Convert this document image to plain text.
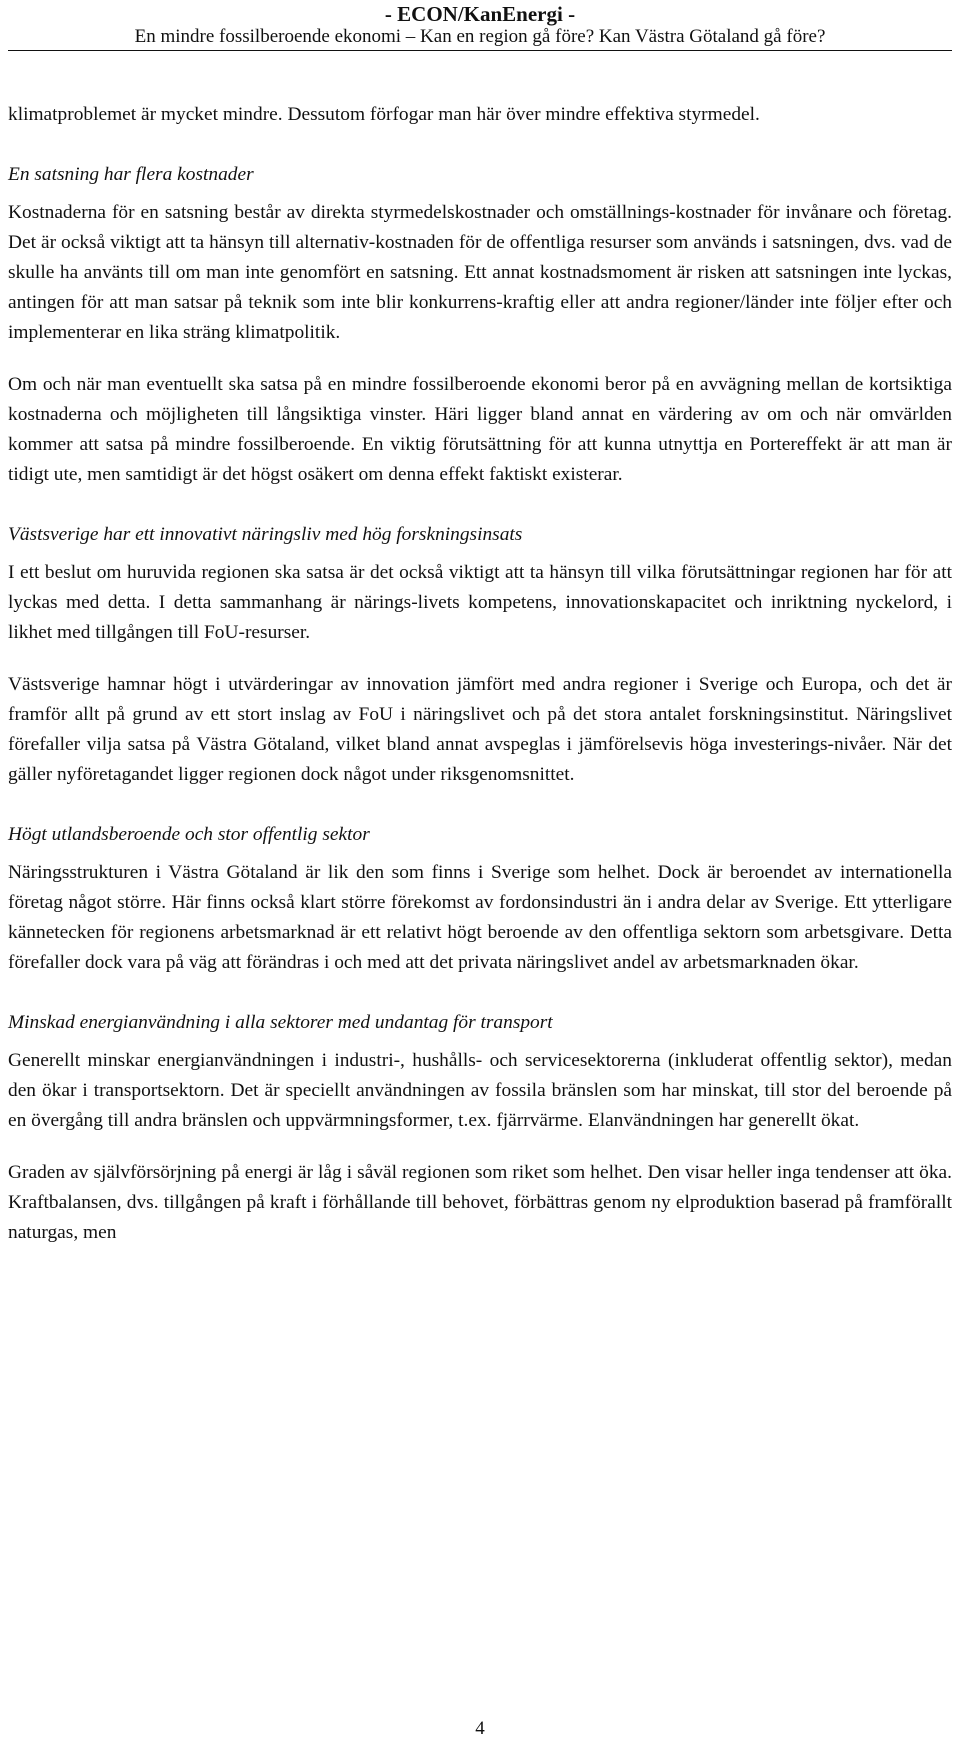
- ECON/KanEnergi -
En mindre fossilberoende ekonomi – Kan en region gå före? Kan Västra Götaland gå före?

klimatproblemet är mycket mindre. Dessutom förfogar man här över mindre effektiva styrmedel.

En satsning har flera kostnader

Kostnaderna för en satsning består av direkta styrmedelskostnader och omställnings-kostnader för invånare och företag. Det är också viktigt att ta hänsyn till alternativ-kostnaden för de offentliga resurser som används i satsningen, dvs. vad de skulle ha använts till om man inte genomfört en satsning. Ett annat kostnadsmoment är risken att satsningen inte lyckas, antingen för att man satsar på teknik som inte blir konkurrens-kraftig eller att andra regioner/länder inte följer efter och implementerar en lika sträng klimatpolitik.

Om och när man eventuellt ska satsa på en mindre fossilberoende ekonomi beror på en avvägning mellan de kortsiktiga kostnaderna och möjligheten till långsiktiga vinster. Häri ligger bland annat en värdering av om och när omvärlden kommer att satsa på mindre fossilberoende. En viktig förutsättning för att kunna utnyttja en Portereffekt är att man är tidigt ute, men samtidigt är det högst osäkert om denna effekt faktiskt existerar.

Västsverige har ett innovativt näringsliv med hög forskningsinsats

I ett beslut om huruvida regionen ska satsa är det också viktigt att ta hänsyn till vilka förutsättningar regionen har för att lyckas med detta. I detta sammanhang är närings-livets kompetens, innovationskapacitet och inriktning nyckelord, i likhet med tillgången till FoU-resurser.

Västsverige hamnar högt i utvärderingar av innovation jämfört med andra regioner i Sverige och Europa, och det är framför allt på grund av ett stort inslag av FoU i näringslivet och på det stora antalet forskningsinstitut. Näringslivet förefaller vilja satsa på Västra Götaland, vilket bland annat avspeglas i jämförelsevis höga investerings-nivåer. När det gäller nyföretagandet ligger regionen dock något under riksgenomsnittet.

Högt utlandsberoende och stor offentlig sektor

Näringsstrukturen i Västra Götaland är lik den som finns i Sverige som helhet. Dock är beroendet av internationella företag något större. Här finns också klart större förekomst av fordonsindustri än i andra delar av Sverige. Ett ytterligare kännetecken för regionens arbetsmarknad är ett relativt högt beroende av den offentliga sektorn som arbetsgivare. Detta förefaller dock vara på väg att förändras i och med att det privata näringslivet andel av arbetsmarknaden ökar.

Minskad energianvändning i alla sektorer med undantag för transport

Generellt minskar energianvändningen i industri-, hushålls- och servicesektorerna (inkluderat offentlig sektor), medan den ökar i transportsektorn. Det är speciellt användningen av fossila bränslen som har minskat, till stor del beroende på en övergång till andra bränslen och uppvärmningsformer, t.ex. fjärrvärme. Elanvändningen har generellt ökat.

Graden av självförsörjning på energi är låg i såväl regionen som riket som helhet. Den visar heller inga tendenser att öka. Kraftbalansen, dvs. tillgången på kraft i förhållande till behovet, förbättras genom ny elproduktion baserad på framförallt naturgas, men

4
